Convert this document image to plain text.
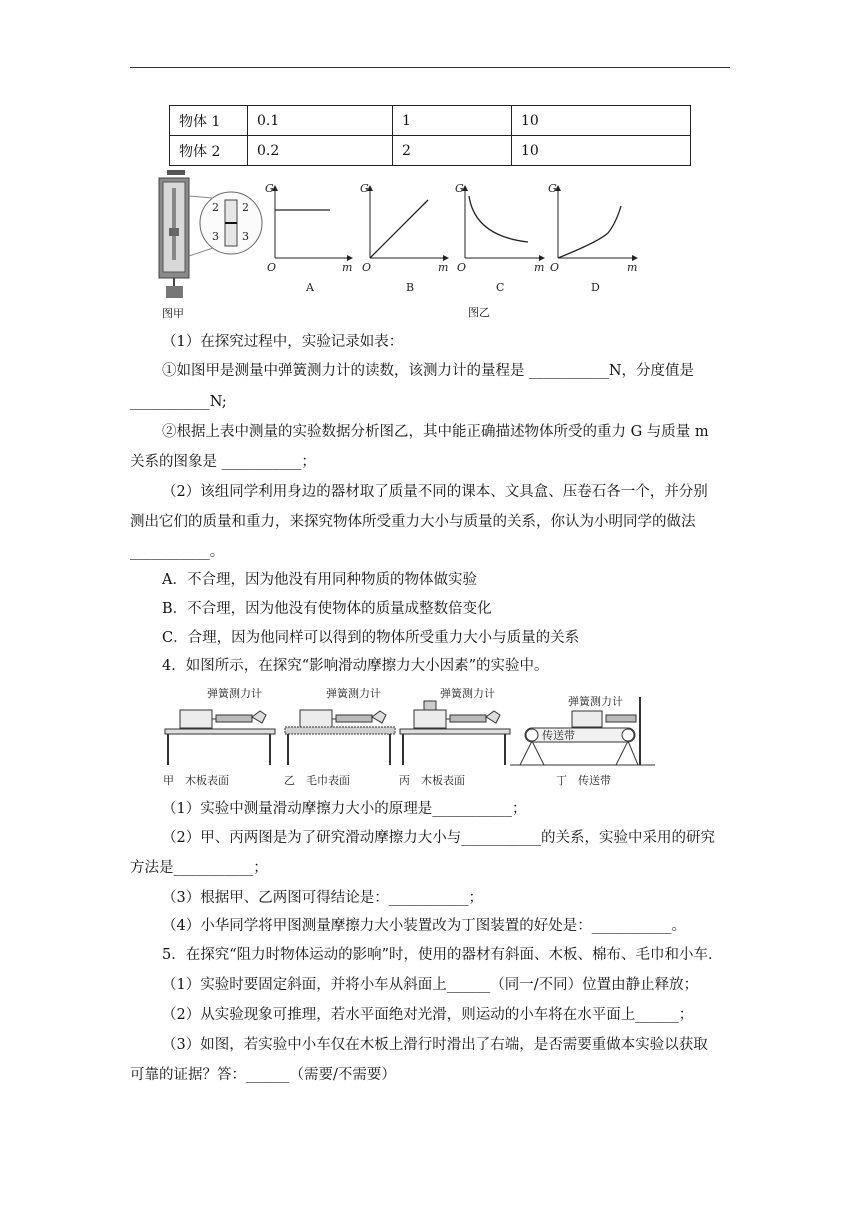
物体 1	0.1	1	10
物体 2	0.2	2	10
2 2
3 3
图甲
G
m
O
A
G
m
O
B
G
m
O
C
G
m
O
D
图乙
（1）在探究过程中，实验记录如表：
①如图甲是测量中弹簧测力计的读数，该测力计的量程是 ___________N，分度值是
___________N;
②根据上表中测量的实验数据分析图乙，其中能正确描述物体所受的重力 G 与质量 m
关系的图象是 ___________；
（2）该组同学利用身边的器材取了质量不同的课本、文具盒、压卷石各一个，并分别
测出它们的质量和重力，来探究物体所受重力大小与质量的关系，你认为小明同学的做法
___________。
A．不合理，因为他没有用同种物质的物体做实验
B．不合理，因为他没有使物体的质量成整数倍变化
C．合理，因为他同样可以得到的物体所受重力大小与质量的关系
4．如图所示，在探究“影响滑动摩擦力大小因素”的实验中。
弹簧测力计
甲　木板表面
弹簧测力计
乙　毛巾表面
弹簧测力计
丙　木板表面
弹簧测力计
传送带
丁　传送带
（1）实验中测量滑动摩擦力大小的原理是___________；
（2）甲、丙两图是为了研究滑动摩擦力大小与___________的关系，实验中采用的研究
方法是___________；
（3）根据甲、乙两图可得结论是：___________；
（4）小华同学将甲图测量摩擦力大小装置改为丁图装置的好处是：___________。
5．在探究“阻力时物体运动的影响”时，使用的器材有斜面、木板、棉布、毛巾和小车．
（1）实验时要固定斜面，并将小车从斜面上______（同一/不同）位置由静止释放；
（2）从实验现象可推理，若水平面绝对光滑，则运动的小车将在水平面上______；
（3）如图，若实验中小车仅在木板上滑行时滑出了右端，是否需要重做本实验以获取
可靠的证据？答：______（需要/不需要）
